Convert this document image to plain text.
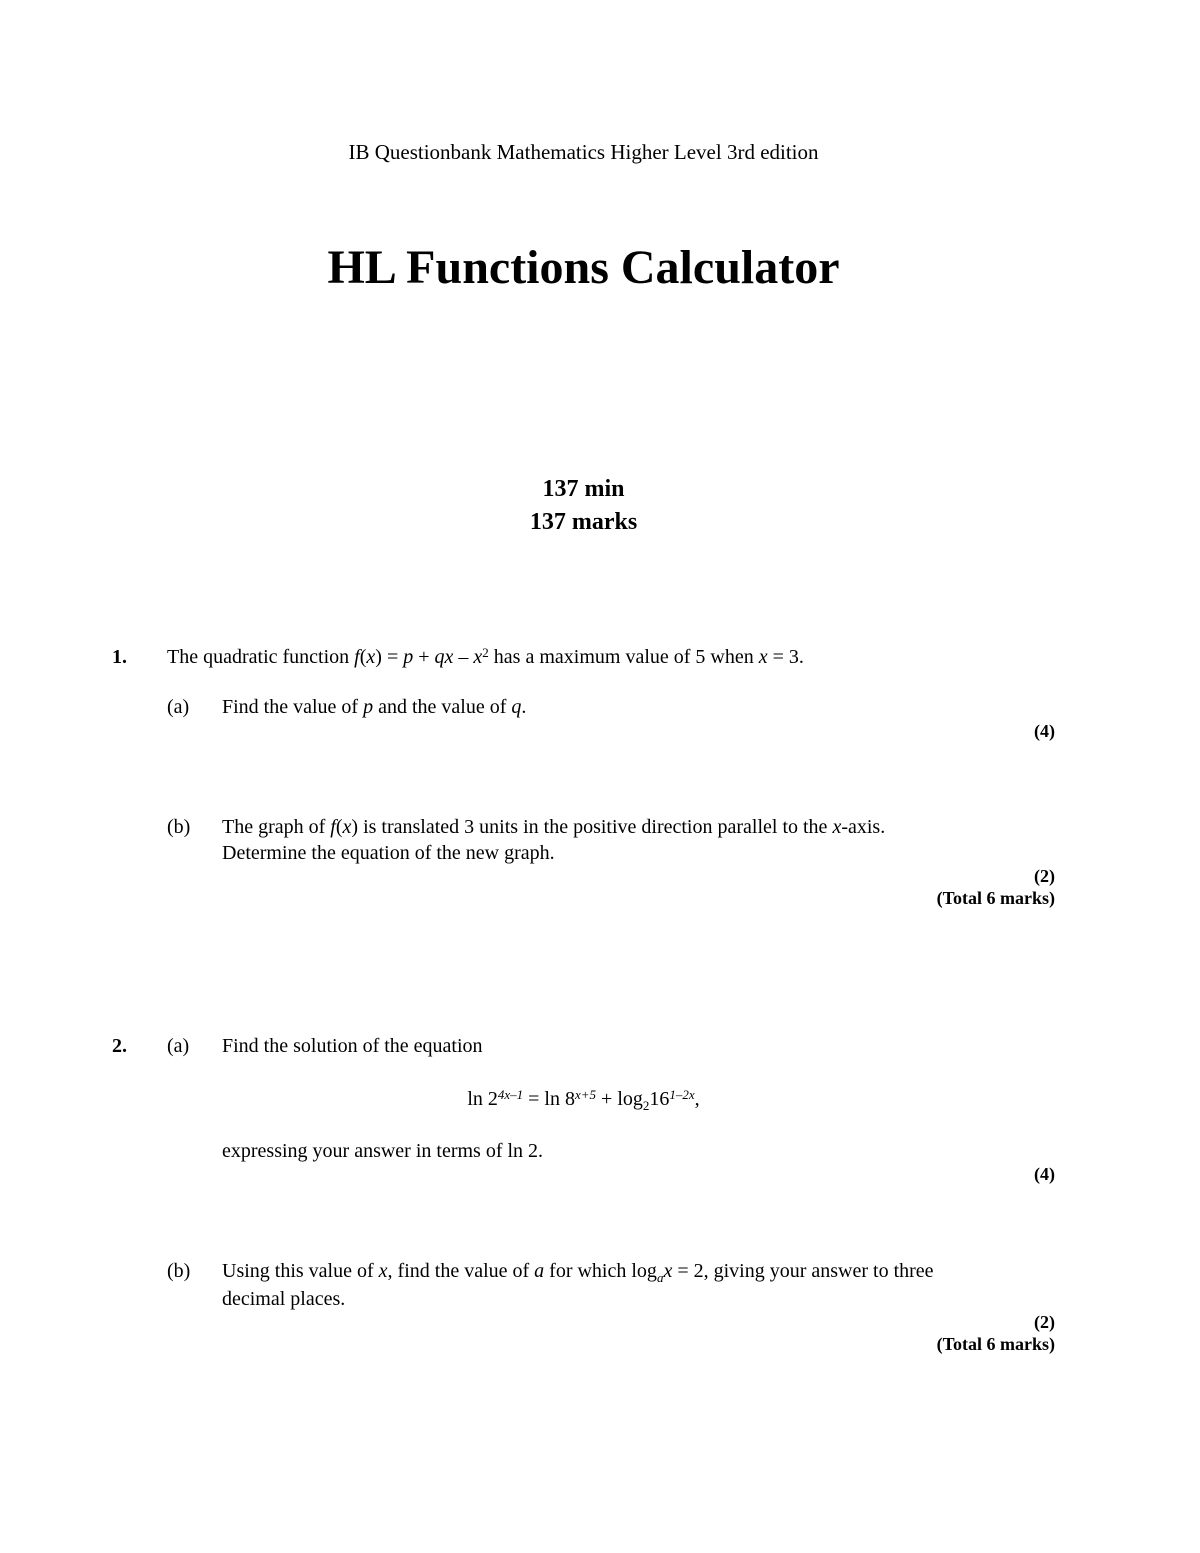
IB Questionbank Mathematics Higher Level 3rd edition
HL Functions Calculator
137 min
137 marks
1. The quadratic function f(x) = p + qx – $x^2$ has a maximum value of 5 when x = 3.
(a) Find the value of p and the value of q.
(4)
(b) The graph of f(x) is translated 3 units in the positive direction parallel to the x-axis.
Determine the equation of the new graph.
(2)
(Total 6 marks)
2. (a) Find the solution of the equation
$\ln 2^{4x-1} = \ln 8^{x+5} + \log_216^{1-2x}$,
expressing your answer in terms of ln 2.
(4)
(b) Using this value of x, find the value of a for which $\log_ax = 2$, giving your answer to three
decimal places.
(2)
(Total 6 marks)
